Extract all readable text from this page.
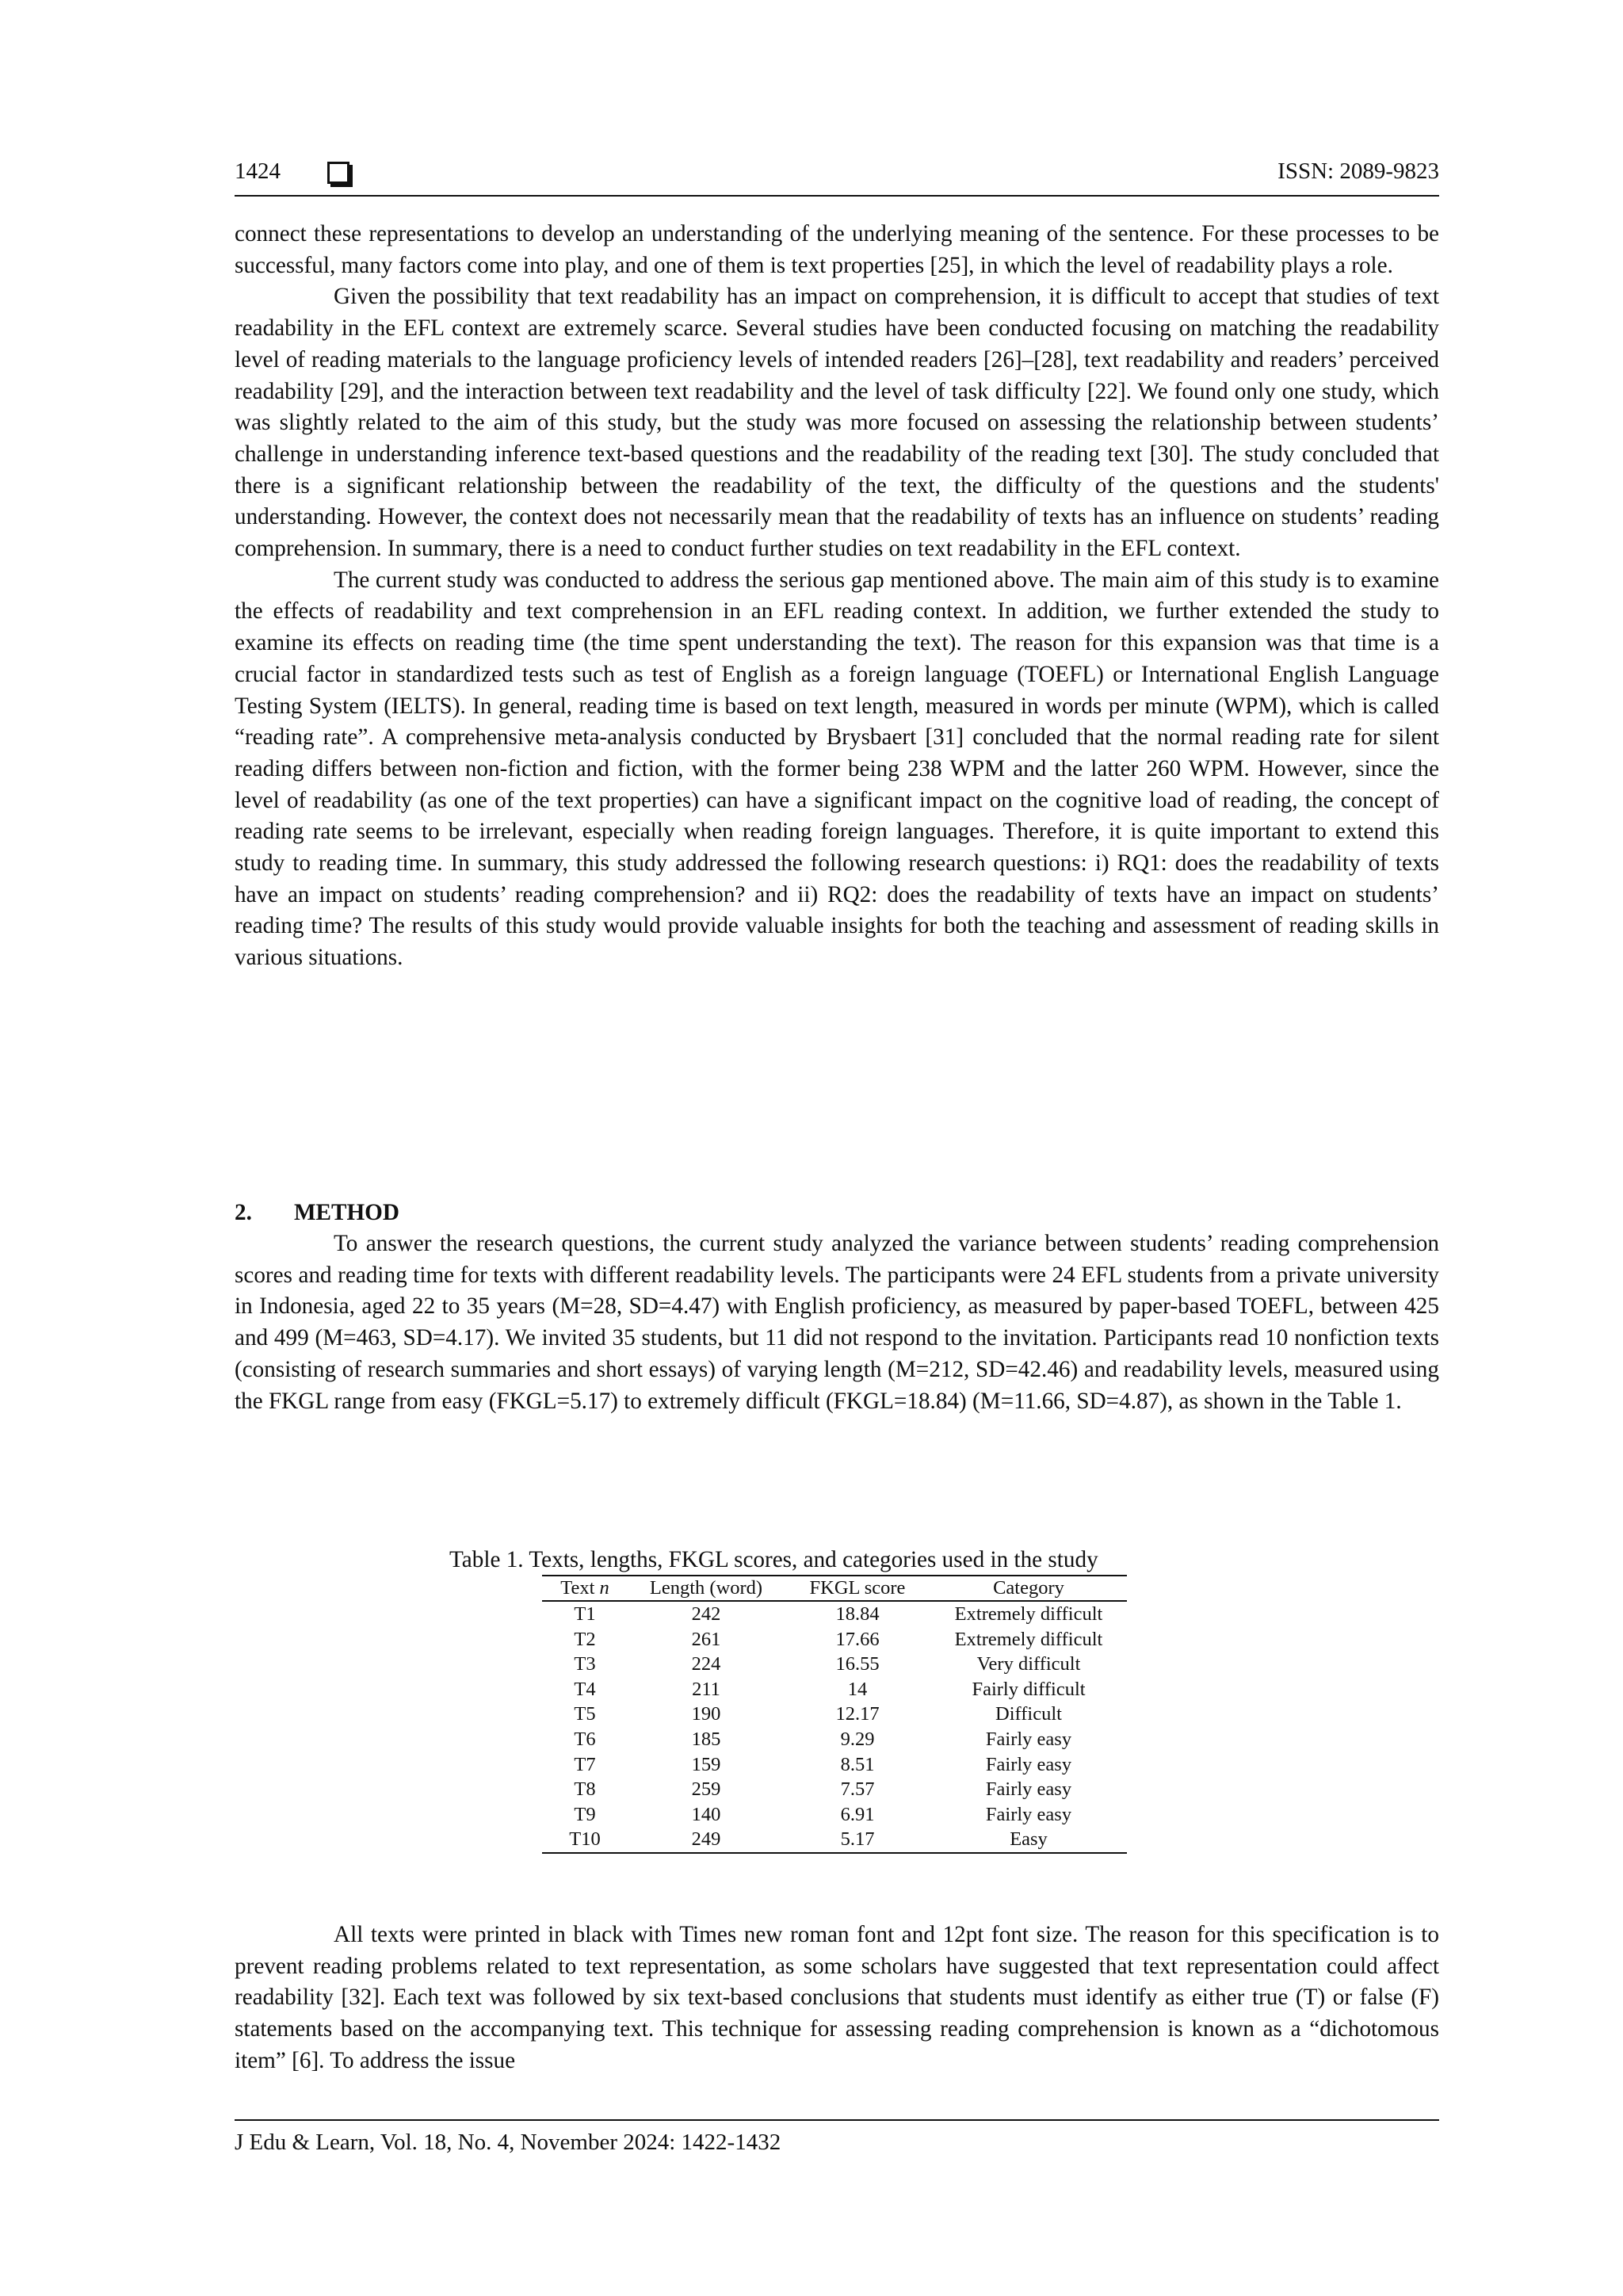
1424	ISSN: 2089-9823

connect these representations to develop an understanding of the underlying meaning of the sentence. For these processes to be successful, many factors come into play, and one of them is text properties [25], in which the level of readability plays a role.

Given the possibility that text readability has an impact on comprehension, it is difficult to accept that studies of text readability in the EFL context are extremely scarce. Several studies have been conducted focusing on matching the readability level of reading materials to the language proficiency levels of intended readers [26]–[28], text readability and readers’ perceived readability [29], and the interaction between text readability and the level of task difficulty [22]. We found only one study, which was slightly related to the aim of this study, but the study was more focused on assessing the relationship between students’ challenge in understanding inference text-based questions and the readability of the reading text [30]. The study concluded that there is a significant relationship between the readability of the text, the difficulty of the questions and the students' understanding. However, the context does not necessarily mean that the readability of texts has an influence on students’ reading comprehension. In summary, there is a need to conduct further studies on text readability in the EFL context.

The current study was conducted to address the serious gap mentioned above. The main aim of this study is to examine the effects of readability and text comprehension in an EFL reading context. In addition, we further extended the study to examine its effects on reading time (the time spent understanding the text). The reason for this expansion was that time is a crucial factor in standardized tests such as test of English as a foreign language (TOEFL) or International English Language Testing System (IELTS). In general, reading time is based on text length, measured in words per minute (WPM), which is called “reading rate”. A comprehensive meta-analysis conducted by Brysbaert [31] concluded that the normal reading rate for silent reading differs between non-fiction and fiction, with the former being 238 WPM and the latter 260 WPM. However, since the level of readability (as one of the text properties) can have a significant impact on the cognitive load of reading, the concept of reading rate seems to be irrelevant, especially when reading foreign languages. Therefore, it is quite important to extend this study to reading time. In summary, this study addressed the following research questions: i) RQ1: does the readability of texts have an impact on students’ reading comprehension? and ii) RQ2: does the readability of texts have an impact on students’ reading time? The results of this study would provide valuable insights for both the teaching and assessment of reading skills in various situations.

2. METHOD

To answer the research questions, the current study analyzed the variance between students’ reading comprehension scores and reading time for texts with different readability levels. The participants were 24 EFL students from a private university in Indonesia, aged 22 to 35 years (M=28, SD=4.47) with English proficiency, as measured by paper-based TOEFL, between 425 and 499 (M=463, SD=4.17). We invited 35 students, but 11 did not respond to the invitation. Participants read 10 nonfiction texts (consisting of research summaries and short essays) of varying length (M=212, SD=42.46) and readability levels, measured using the FKGL range from easy (FKGL=5.17) to extremely difficult (FKGL=18.84) (M=11.66, SD=4.87), as shown in the Table 1.

Table 1. Texts, lengths, FKGL scores, and categories used in the study
Text n	Length (word)	FKGL score	Category
T1	242	18.84	Extremely difficult
T2	261	17.66	Extremely difficult
T3	224	16.55	Very difficult
T4	211	14	Fairly difficult
T5	190	12.17	Difficult
T6	185	9.29	Fairly easy
T7	159	8.51	Fairly easy
T8	259	7.57	Fairly easy
T9	140	6.91	Fairly easy
T10	249	5.17	Easy

All texts were printed in black with Times new roman font and 12pt font size. The reason for this specification is to prevent reading problems related to text representation, as some scholars have suggested that text representation could affect readability [32]. Each text was followed by six text-based conclusions that students must identify as either true (T) or false (F) statements based on the accompanying text. This technique for assessing reading comprehension is known as a “dichotomous item” [6]. To address the issue

J Edu & Learn, Vol. 18, No. 4, November 2024: 1422-1432
